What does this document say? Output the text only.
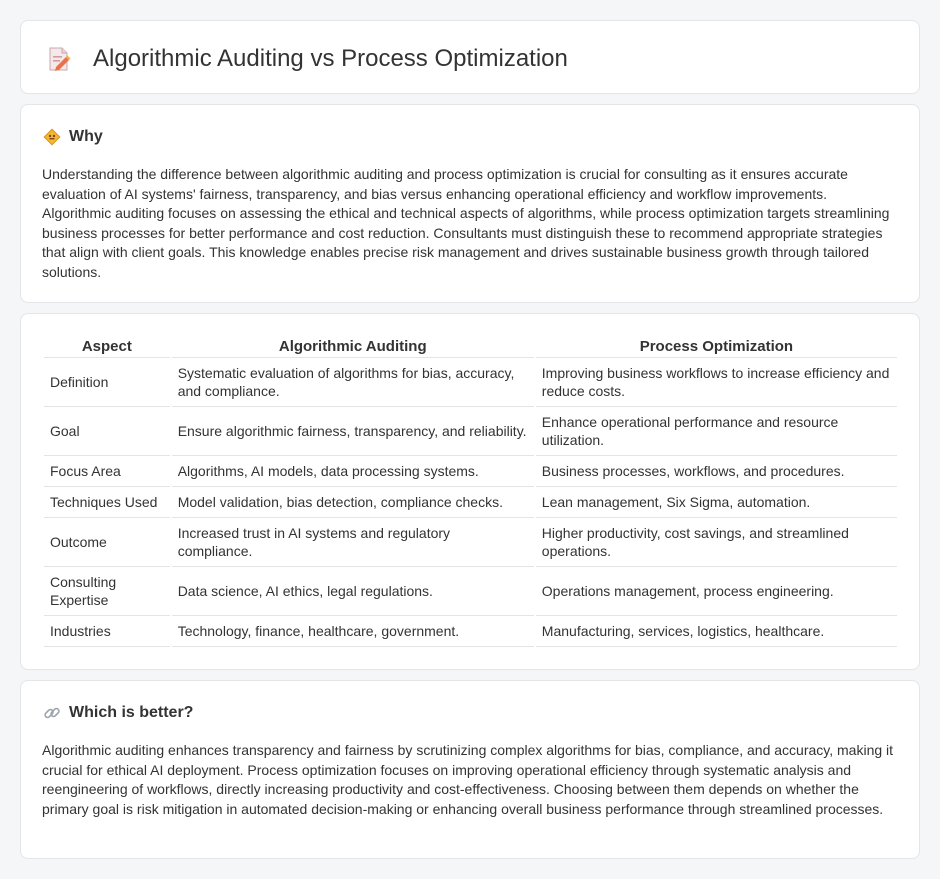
Algorithmic Auditing vs Process Optimization
Why

Understanding the difference between algorithmic auditing and process optimization is crucial for consulting as it ensures accurate evaluation of AI systems' fairness, transparency, and bias versus enhancing operational efficiency and workflow improvements. Algorithmic auditing focuses on assessing the ethical and technical aspects of algorithms, while process optimization targets streamlining business processes for better performance and cost reduction. Consultants must distinguish these to recommend appropriate strategies that align with client goals. This knowledge enables precise risk management and drives sustainable business growth through tailored solutions.

Aspect	Algorithmic Auditing	Process Optimization
Definition	Systematic evaluation of algorithms for bias, accuracy, and compliance.	Improving business workflows to increase efficiency and reduce costs.
Goal	Ensure algorithmic fairness, transparency, and reliability.	Enhance operational performance and resource utilization.
Focus Area	Algorithms, AI models, data processing systems.	Business processes, workflows, and procedures.
Techniques Used	Model validation, bias detection, compliance checks.	Lean management, Six Sigma, automation.
Outcome	Increased trust in AI systems and regulatory compliance.	Higher productivity, cost savings, and streamlined operations.
Consulting Expertise	Data science, AI ethics, legal regulations.	Operations management, process engineering.
Industries	Technology, finance, healthcare, government.	Manufacturing, services, logistics, healthcare.
Which is better?

Algorithmic auditing enhances transparency and fairness by scrutinizing complex algorithms for bias, compliance, and accuracy, making it crucial for ethical AI deployment. Process optimization focuses on improving operational efficiency through systematic analysis and reengineering of workflows, directly increasing productivity and cost-effectiveness. Choosing between them depends on whether the primary goal is risk mitigation in automated decision-making or enhancing overall business performance through streamlined processes.
